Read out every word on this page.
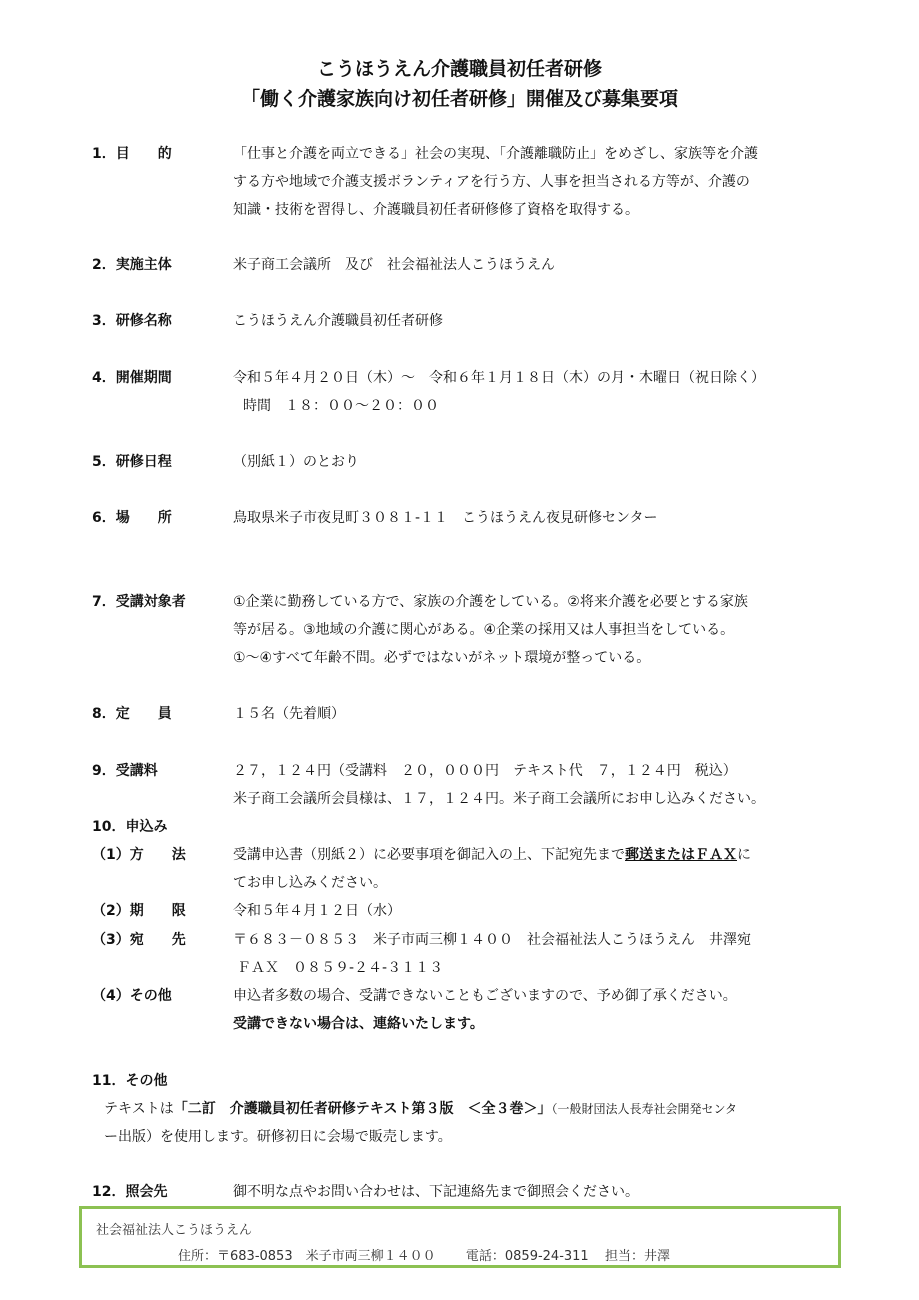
こうほうえん介護職員初任者研修
「働く介護家族向け初任者研修」開催及び募集要項
1．目　　的	「仕事と介護を両立できる」社会の実現、「介護離職防止」をめざし、家族等を介護
する方や地域で介護支援ボランティアを行う方、人事を担当される方等が、介護の
知識・技術を習得し、介護職員初任者研修修了資格を取得する。
2．実施主体	米子商工会議所　及び　社会福祉法人こうほうえん
3．研修名称	こうほうえん介護職員初任者研修
4．開催期間	令和５年４月２０日（木）～　令和６年１月１８日（木）の月・木曜日（祝日除く）
時間　１８：００～２０：００
5．研修日程	（別紙１）のとおり
6．場　　所	鳥取県米子市夜見町３０８１-１１　こうほうえん夜見研修センター
7．受講対象者	①企業に勤務している方で、家族の介護をしている。②将来介護を必要とする家族
等が居る。③地域の介護に関心がある。④企業の採用又は人事担当をしている。
①～④すべて年齢不問。必ずではないがネット環境が整っている。
8．定　　員	１５名（先着順）
9．受講料	２７，１２４円（受講料　２０，０００円　テキスト代　７，１２４円　税込）
米子商工会議所会員様は、１７，１２４円。米子商工会議所にお申し込みください。
10．申込み
（1）方　　法	受講申込書（別紙２）に必要事項を御記入の上、下記宛先まで郵送またはＦＡＸに
てお申し込みください。
（2）期　　限	令和５年４月１２日（水）
（3）宛　　先	〒６８３－０８５３　米子市両三柳１４００　社会福祉法人こうほうえん　井澤宛
ＦＡＸ　０８５９-２４-３１１３
（4）その他	申込者多数の場合、受講できないこともございますので、予め御了承ください。
受講できない場合は、連絡いたします。
11．その他
テキストは「二訂　介護職員初任者研修テキスト第３版　＜全３巻＞」（一般財団法人長寿社会開発センタ
ー出版）を使用します。研修初日に会場で販売します。
12．照会先	御不明な点やお問い合わせは、下記連絡先まで御照会ください。
社会福祉法人こうほうえん
住所：〒683-0853　米子市両三柳１４００ 電話：0859-24-311 担当：井澤
